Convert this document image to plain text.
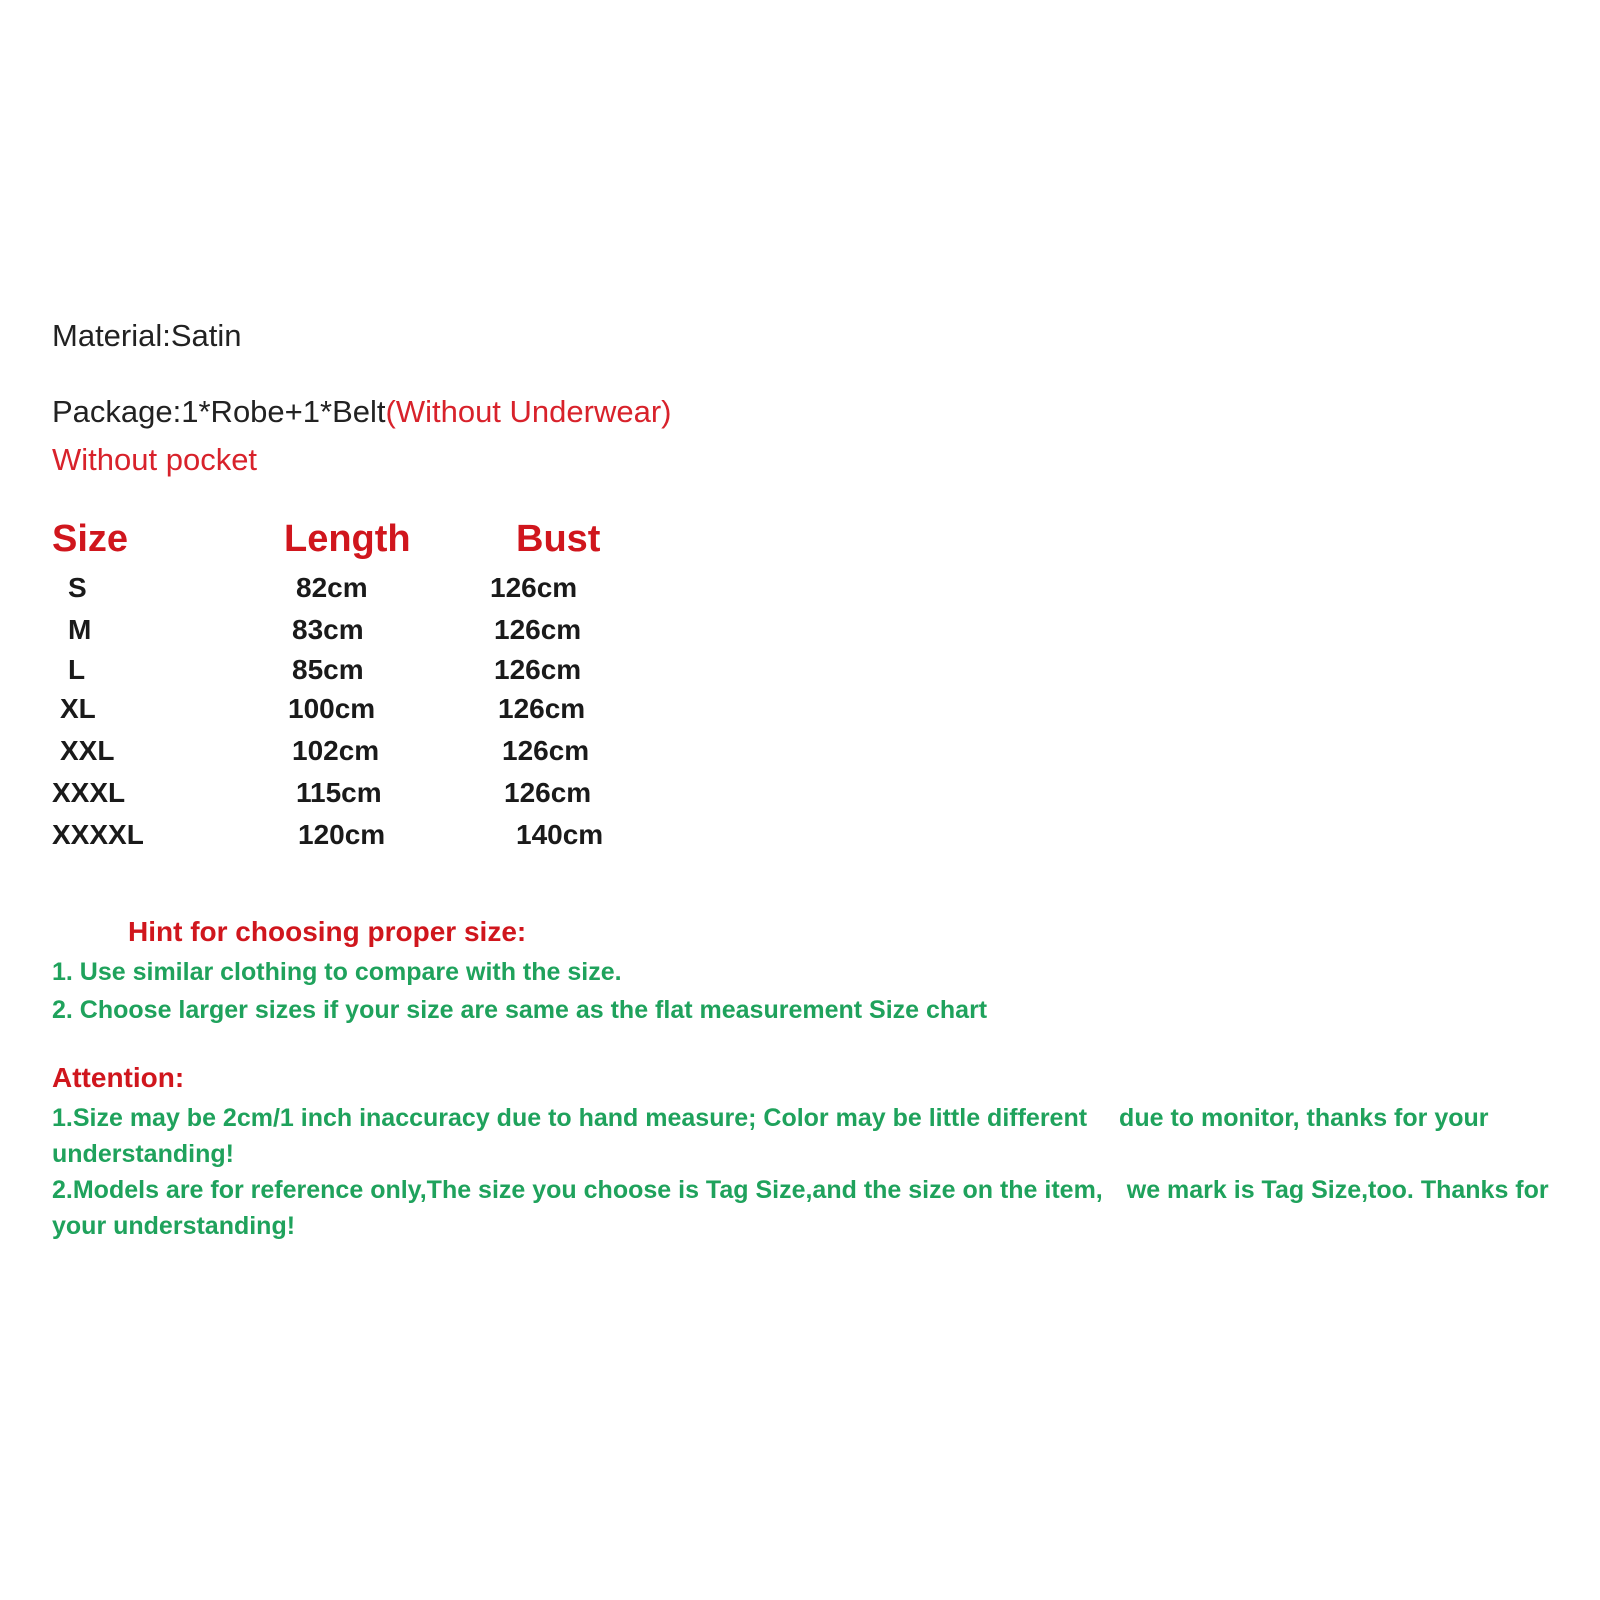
Material:Satin
Package:1*Robe+1*Belt(Without Underwear)
Without pocket
Size	Length	Bust
S	82cm	126cm
M	83cm	126cm
L	85cm	126cm
XL	100cm	126cm
XXL	102cm	126cm
XXXL	115cm	126cm
XXXXL	120cm	140cm
Hint for choosing proper size:
1. Use similar clothing to compare with the size.
2. Choose larger sizes if your size are same as the flat measurement Size chart
Attention:
1.Size may be 2cm/1 inch inaccuracy due to hand measure; Color may be little different due to monitor, thanks for your understanding!
2.Models are for reference only,The size you choose is Tag Size,and the size on the item, we mark is Tag Size,too. Thanks for your understanding!
